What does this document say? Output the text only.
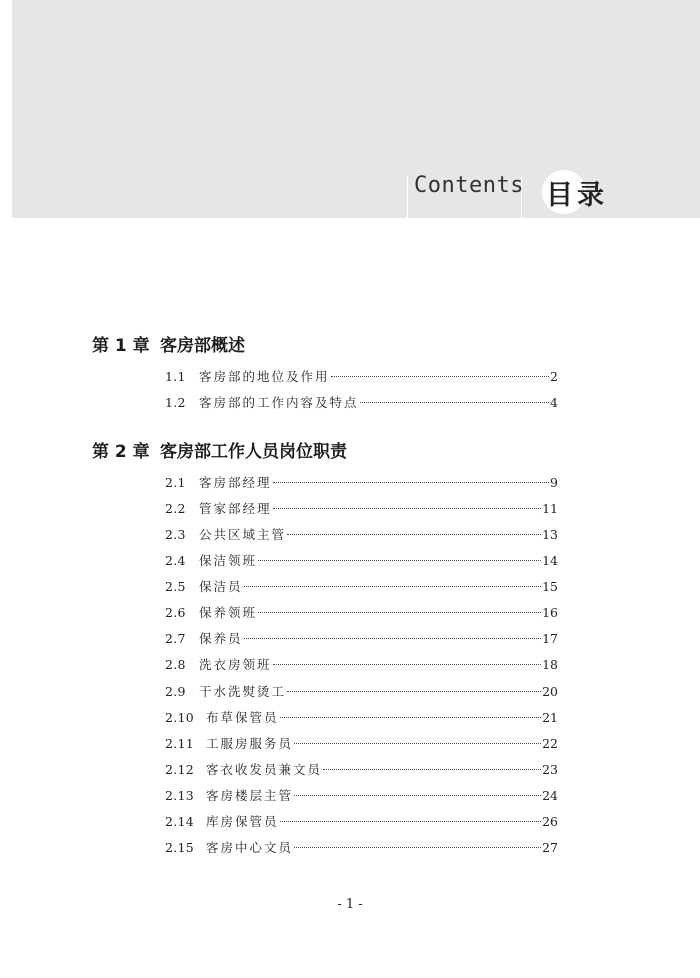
Contents 目录
第 1 章 客房部概述
1.1	客房部的地位及作用	2
1.2	客房部的工作内容及特点	4
第 2 章 客房部工作人员岗位职责
2.1	客房部经理	9
2.2	管家部经理	11
2.3	公共区域主管	13
2.4	保洁领班	14
2.5	保洁员	15
2.6	保养领班	16
2.7	保养员	17
2.8	洗衣房领班	18
2.9	干水洗熨烫工	20
2.10 布草保管员	21
2.11 工服房服务员	22
2.12 客衣收发员兼文员	23
2.13 客房楼层主管	24
2.14 库房保管员	26
2.15 客房中心文员	27
- 1 -
